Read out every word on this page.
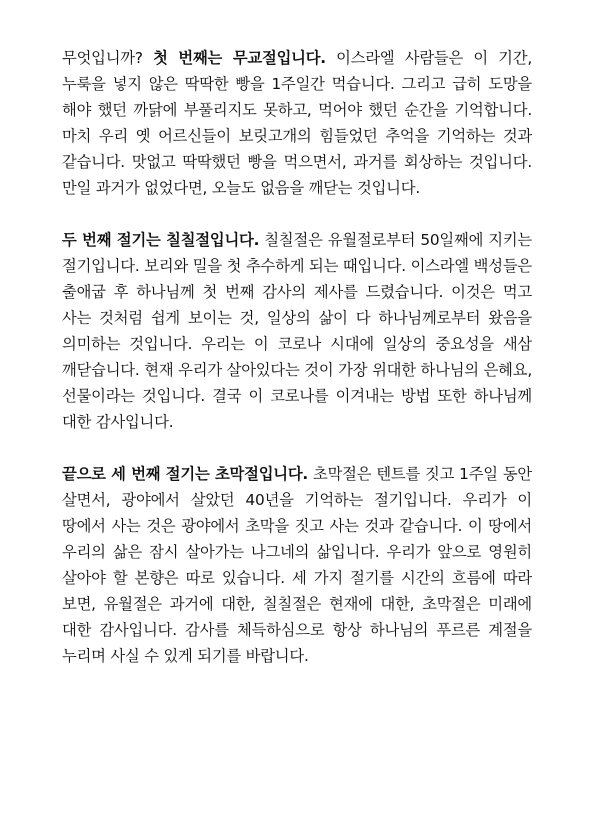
무엇입니까? 첫 번째는 무교절입니다. 이스라엘 사람들은 이 기간, 누룩을 넣지 않은 딱딱한 빵을 1주일간 먹습니다. 그리고 급히 도망을 해야 했던 까닭에 부풀리지도 못하고, 먹어야 했던 순간을 기억합니다. 마치 우리 옛 어르신들이 보릿고개의 힘들었던 추억을 기억하는 것과 같습니다. 맛없고 딱딱했던 빵을 먹으면서, 과거를 회상하는 것입니다. 만일 과거가 없었다면, 오늘도 없음을 깨닫는 것입니다.

두 번째 절기는 칠칠절입니다. 칠칠절은 유월절로부터 50일째에 지키는 절기입니다. 보리와 밀을 첫 추수하게 되는 때입니다. 이스라엘 백성들은 출애굽 후 하나님께 첫 번째 감사의 제사를 드렸습니다. 이것은 먹고 사는 것처럼 쉽게 보이는 것, 일상의 삶이 다 하나님께로부터 왔음을 의미하는 것입니다. 우리는 이 코로나 시대에 일상의 중요성을 새삼 깨닫습니다. 현재 우리가 살아있다는 것이 가장 위대한 하나님의 은혜요, 선물이라는 것입니다. 결국 이 코로나를 이겨내는 방법 또한 하나님께 대한 감사입니다.

끝으로 세 번째 절기는 초막절입니다. 초막절은 텐트를 짓고 1주일 동안 살면서, 광야에서 살았던 40년을 기억하는 절기입니다. 우리가 이 땅에서 사는 것은 광야에서 초막을 짓고 사는 것과 같습니다. 이 땅에서 우리의 삶은 잠시 살아가는 나그네의 삶입니다. 우리가 앞으로 영원히 살아야 할 본향은 따로 있습니다. 세 가지 절기를 시간의 흐름에 따라 보면, 유월절은 과거에 대한, 칠칠절은 현재에 대한, 초막절은 미래에 대한 감사입니다. 감사를 체득하심으로 항상 하나님의 푸르른 계절을 누리며 사실 수 있게 되기를 바랍니다.
